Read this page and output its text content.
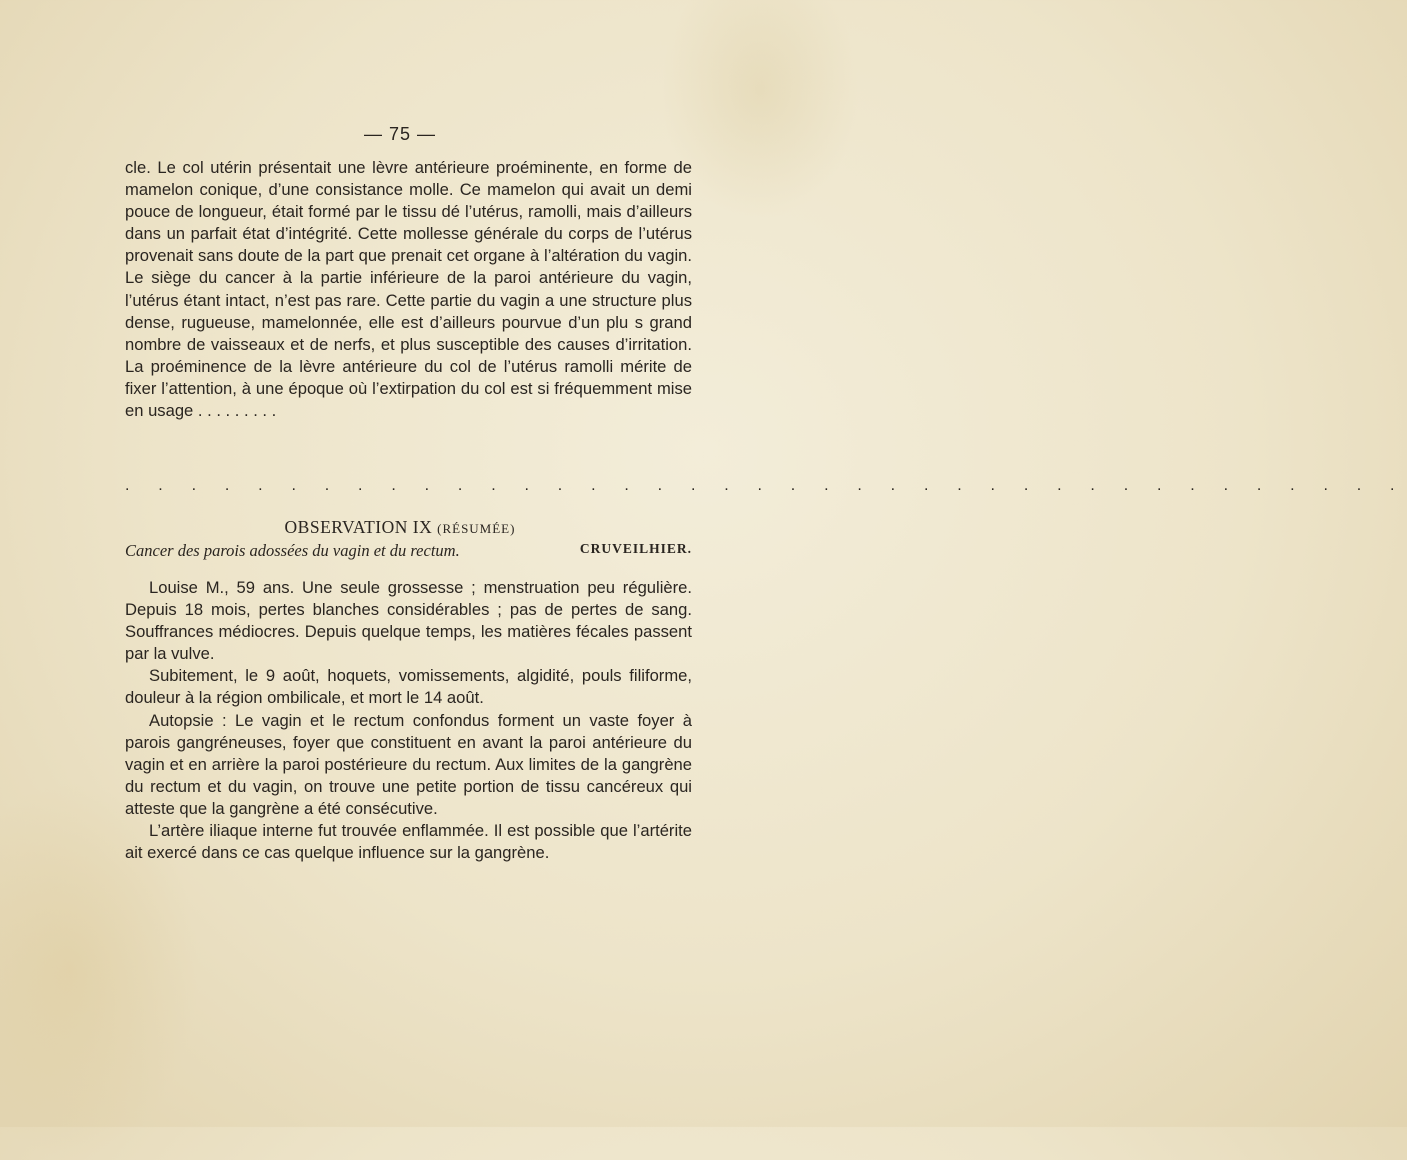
— 75 —

cle. Le col utérin présentait une lèvre antérieure proéminente, en forme de mamelon conique, d’une consistance molle. Ce mamelon qui avait un demi pouce de longueur, était formé par le tissu dé l’utérus, ramolli, mais d’ailleurs dans un parfait état d’intégrité. Cette mollesse générale du corps de l’utérus provenait sans doute de la part que prenait cet organe à l’altération du vagin. Le siège du cancer à la partie inférieure de la paroi antérieure du vagin, l’utérus étant intact, n’est pas rare. Cette partie du vagin a une structure plus dense, rugueuse, mamelonnée, elle est d’ailleurs pourvue d’un plu s grand nombre de vaisseaux et de nerfs, et plus susceptible des causes d’irritation. La proéminence de la lèvre antérieure du col de l’utérus ramolli mérite de fixer l’attention, à une époque où l’extirpation du col est si fréquemment mise en usage . . . . . . . . .

. . . . . . . . . . . . . . . . . . . . . . . . . . . . . . . . . . . . . . .
OBSERVATION IX (RÉSUMÉE)
Cancer des parois adossées du vagin et du rectum.	CRUVEILHIER.

Louise M., 59 ans. Une seule grossesse ; menstruation peu régulière. Depuis 18 mois, pertes blanches considérables ; pas de pertes de sang. Souffrances médiocres. Depuis quelque temps, les matières fécales passent par la vulve.

Subitement, le 9 août, hoquets, vomissements, algidité, pouls filiforme, douleur à la région ombilicale, et mort le 14 août.

Autopsie : Le vagin et le rectum confondus forment un vaste foyer à parois gangréneuses, foyer que constituent en avant la paroi antérieure du vagin et en arrière la paroi postérieure du rectum. Aux limites de la gangrène du rectum et du vagin, on trouve une petite portion de tissu cancéreux qui atteste que la gangrène a été consécutive.

L’artère iliaque interne fut trouvée enflammée. Il est possible que l’artérite ait exercé dans ce cas quelque influence sur la gangrène.
